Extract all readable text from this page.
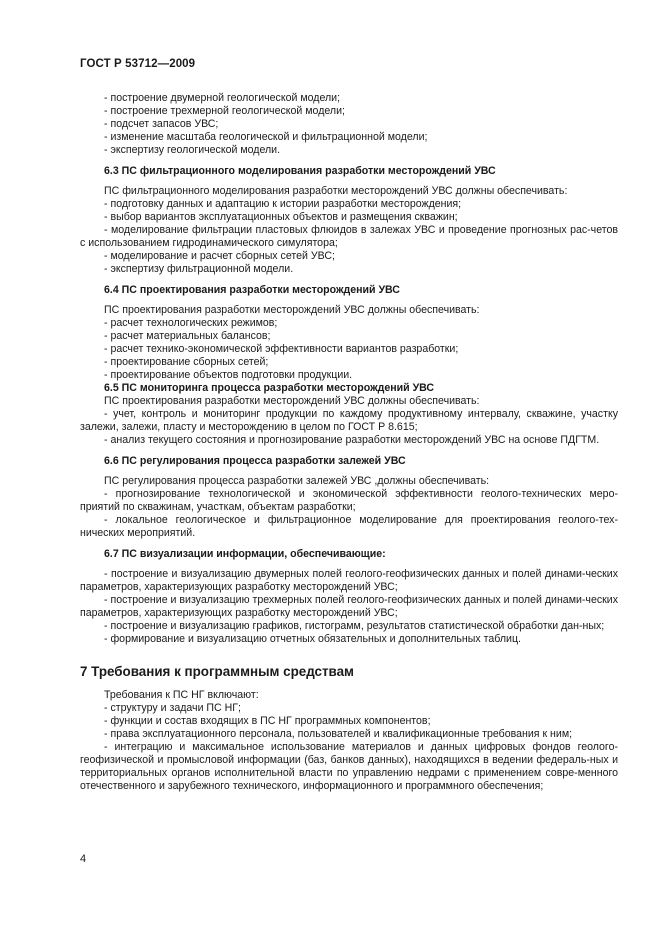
ГОСТ Р 53712—2009

- построение двумерной геологической модели;

- построение трехмерной геологической модели;

- подсчет запасов УВС;

- изменение масштаба геологической и фильтрационной модели;

- экспертизу геологической модели.

6.3 ПС фильтрационного моделирования разработки месторождений УВС

ПС фильтрационного моделирования разработки месторождений УВС должны обеспечивать:

- подготовку данных и адаптацию к истории разработки месторождения;

- выбор вариантов эксплуатационных объектов и размещения скважин;

- моделирование фильтрации пластовых флюидов в залежах УВС и проведение прогнозных рас-четов с использованием гидродинамического симулятора;

- моделирование и расчет сборных сетей УВС;

- экспертизу фильтрационной модели.

6.4 ПС проектирования разработки месторождений УВС

ПС проектирования разработки месторождений УВС должны обеспечивать:

- расчет технологических режимов;

- расчет материальных балансов;

- расчет технико-экономической эффективности вариантов разработки;

- проектирование сборных сетей;

- проектирование объектов подготовки продукции.

6.5 ПС мониторинга процесса разработки месторождений УВС

ПС проектирования разработки месторождений УВС должны обеспечивать:

- учет, контроль и мониторинг продукции по каждому продуктивному интервалу, скважине, участку залежи, залежи, пласту и месторождению в целом по ГОСТ Р 8.615;

- анализ текущего состояния и прогнозирование разработки месторождений УВС на основе ПДГТМ.

6.6 ПС регулирования процесса разработки залежей УВС

ПС регулирования процесса разработки залежей УВС ,должны обеспечивать:

- прогнозирование технологической и экономической эффективности геолого-технических меро-приятий по скважинам, участкам, объектам разработки;

- локальное геологическое и фильтрационное моделирование для проектирования геолого-тех-нических мероприятий.

6.7 ПС визуализации информации, обеспечивающие:

- построение и визуализацию двумерных полей геолого-геофизических данных и полей динами-ческих параметров, характеризующих разработку месторождений УВС;

- построение и визуализацию трехмерных полей геолого-геофизических данных и полей динами-ческих параметров, характеризующих разработку месторождений УВС;

- построение и визуализацию графиков, гистограмм, результатов статистической обработки дан-ных;

- формирование и визуализацию отчетных обязательных и дополнительных таблиц.

7 Требования к программным средствам

Требования к ПС НГ включают:

- структуру и задачи ПС НГ;

- функции и состав входящих в ПС НГ программных компонентов;

- права эксплуатационного персонала, пользователей и квалификационные требования к ним;

- интеграцию и максимальное использование материалов и данных цифровых фондов геолого-геофизической и промысловой информации (баз, банков данных), находящихся в ведении федераль-ных и территориальных органов исполнительной власти по управлению недрами с применением совре-менного отечественного и зарубежного технического, информационного и программного обеспечения;

4
